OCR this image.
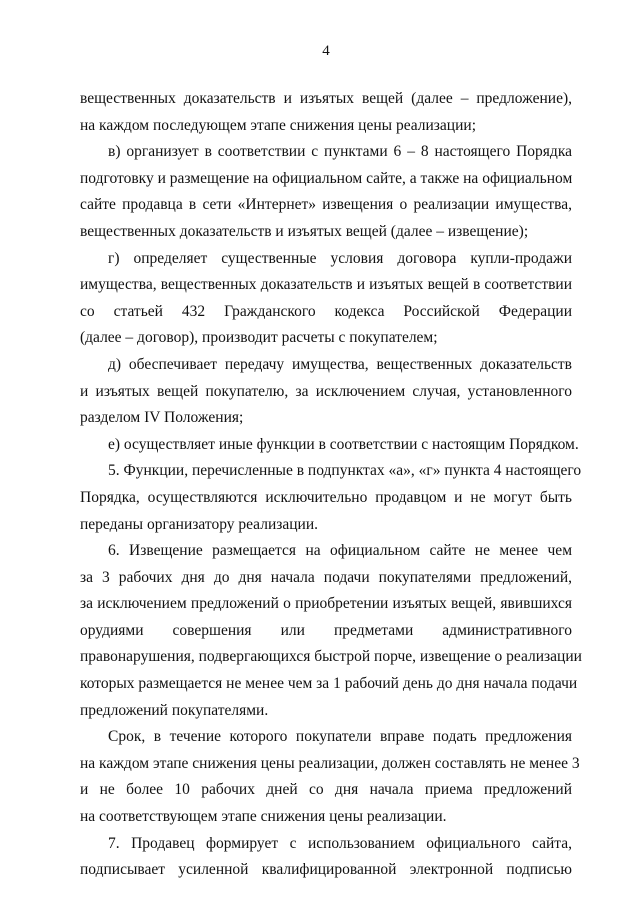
4
вещественных доказательств и изъятых вещей (далее – предложение),
на каждом последующем этапе снижения цены реализации;
в) организует в соответствии с пунктами 6 – 8 настоящего Порядка
подготовку и размещение на официальном сайте, а также на официальном
сайте продавца в сети «Интернет» извещения о реализации имущества,
вещественных доказательств и изъятых вещей (далее – извещение);
г) определяет существенные условия договора купли-продажи
имущества, вещественных доказательств и изъятых вещей в соответствии
со статьей 432 Гражданского кодекса Российской Федерации
(далее – договор), производит расчеты с покупателем;
д) обеспечивает передачу имущества, вещественных доказательств
и изъятых вещей покупателю, за исключением случая, установленного
разделом IV Положения;
е) осуществляет иные функции в соответствии с настоящим Порядком.
5. Функции, перечисленные в подпунктах «а», «г» пункта 4 настоящего
Порядка, осуществляются исключительно продавцом и не могут быть
переданы организатору реализации.
6. Извещение размещается на официальном сайте не менее чем
за 3 рабочих дня до дня начала подачи покупателями предложений,
за исключением предложений о приобретении изъятых вещей, явившихся
орудиями совершения или предметами административного
правонарушения, подвергающихся быстрой порче, извещение о реализации
которых размещается не менее чем за 1 рабочий день до дня начала подачи
предложений покупателями.
Срок, в течение которого покупатели вправе подать предложения
на каждом этапе снижения цены реализации, должен составлять не менее 3
и не более 10 рабочих дней со дня начала приема предложений
на соответствующем этапе снижения цены реализации.
7. Продавец формирует с использованием официального сайта,
подписывает усиленной квалифицированной электронной подписью
